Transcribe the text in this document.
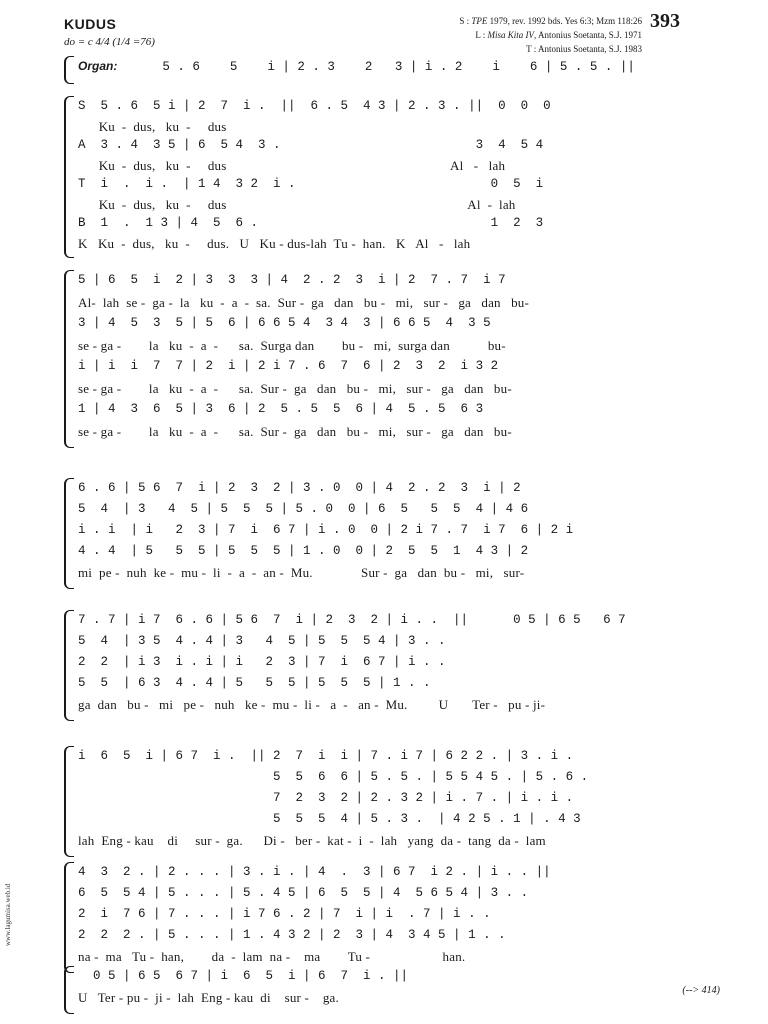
KUDUS
do = c 4/4 (1/4 =76)
S : TPE 1979, rev. 1992 bds. Yes 6:3; Mzm 118:26
L : Misa Kita IV, Antonius Soetanta, S.J. 1971
T : Antonius Soetanta, S.J. 1983
393
Organ:      5 . 6    5    i | 2 . 3    2   3 | i . 2    i    6 | 5 . 5 . ||
S  5 . 6  5 i | 2  7  i .  ||  6 . 5  4 3 | 2 . 3 . ||  0  0  0
Ku  -  dus,   ku  -     dus
A  3 . 4  3 5 | 6  5 4  3 .                          3  4  5 4
Ku  -  dus,   ku  -     dus                                                                 Al   -   lah
T  i  .  i .  | 1 4  3 2  i .                          0  5  i
Ku  -  dus,   ku  -     dus                                                                      Al  -  lah
B  1  .  1 3 | 4  5  6 .                               1  2  3
K   Ku  -  dus,   ku  -     dus.   U   Ku - dus-lah  Tu -  han.   K   Al   -   lah
5 | 6  5  i  2 | 3  3  3 | 4  2 . 2  3  i | 2  7 . 7  i 7
Al-  lah  se -  ga -  la   ku  -  a  -  sa.  Sur -  ga   dan   bu -   mi,   sur -   ga   dan   bu-
3 | 4  5  3  5 | 5  6 | 6 6 5 4  3 4  3 | 6 6 5  4  3 5
se - ga -        la   ku  -  a  -      sa.  Surga dan        bu -   mi,  surga dan           bu-
i | i  i  7  7 | 2  i | 2 i 7 . 6  7  6 | 2  3  2  i 3 2
se - ga -        la   ku  -  a  -      sa.  Sur -  ga   dan   bu -   mi,   sur -   ga   dan   bu-
1 | 4  3  6  5 | 3  6 | 2  5 . 5  5  6 | 4  5 . 5  6 3
se - ga -        la   ku  -  a  -      sa.  Sur -  ga   dan   bu -   mi,   sur -   ga   dan   bu-
6 . 6 | 5 6  7  i | 2  3  2 | 3 . 0  0 | 4  2 . 2  3  i | 2
5  4  | 3   4  5 | 5  5  5 | 5 . 0  0 | 6  5   5  5  4 | 4 6
i . i  | i   2  3 | 7  i  6 7 | i . 0  0 | 2 i 7 . 7  i 7  6 | 2 i
4 . 4  | 5   5  5 | 5  5  5 | 1 . 0  0 | 2  5  5  1  4 3 | 2
mi  pe -  nuh  ke -  mu -  li  -  a  -  an -  Mu.              Sur -  ga   dan  bu -   mi,   sur-
7 . 7 | i 7  6 . 6 | 5 6  7  i | 2  3  2 | i . .  ||      0 5 | 6 5   6 7
5  4  | 3 5  4 . 4 | 3   4  5 | 5  5  5 4 | 3 . .
2  2  | i 3  i . i | i   2  3 | 7  i  6 7 | i . .
5  5  | 6 3  4 . 4 | 5   5  5 | 5  5  5 | 1 . .
ga  dan   bu -   mi   pe -   nuh   ke -  mu -  li -   a  -   an -  Mu.         U       Ter -   pu - ji-
i  6  5  i | 6 7  i .  || 2  7  i  i | 7 . i 7 | 6 2 2 . | 3 . i .
5  5  6  6 | 5 . 5 . | 5 5 4 5 . | 5 . 6 .
7  2  3  2 | 2 . 3 2 | i . 7 . | i . i .
5  5  5  4 | 5 . 3 .  | 4 2 5 . 1 | . 4 3
lah  Eng - kau    di     sur -  ga.      Di -   ber -  kat -  i  -  lah   yang  da -  tang  da -  lam
4  3  2 . | 2 . . . | 3 . i . | 4  .  3 | 6 7  i 2 . | i . . ||
6  5  5 4 | 5 . . . | 5 . 4 5 | 6  5  5 | 4  5 6 5 4 | 3 . .
2  i  7 6 | 7 . . . | i 7 6 . 2 | 7  i | i  . 7 | i . .
2  2  2 . | 5 . . . | 1 . 4 3 2 | 2  3 | 4  3 4 5 | 1 . .
na -  ma   Tu -  han,        da  -  lam  na -    ma        Tu -                     han.
0 5 | 6 5  6 7 | i  6  5  i | 6  7  i . ||
U   Ter - pu -  ji -  lah  Eng - kau  di    sur -    ga.	(--> 414)
www.lagumisa.web.id
